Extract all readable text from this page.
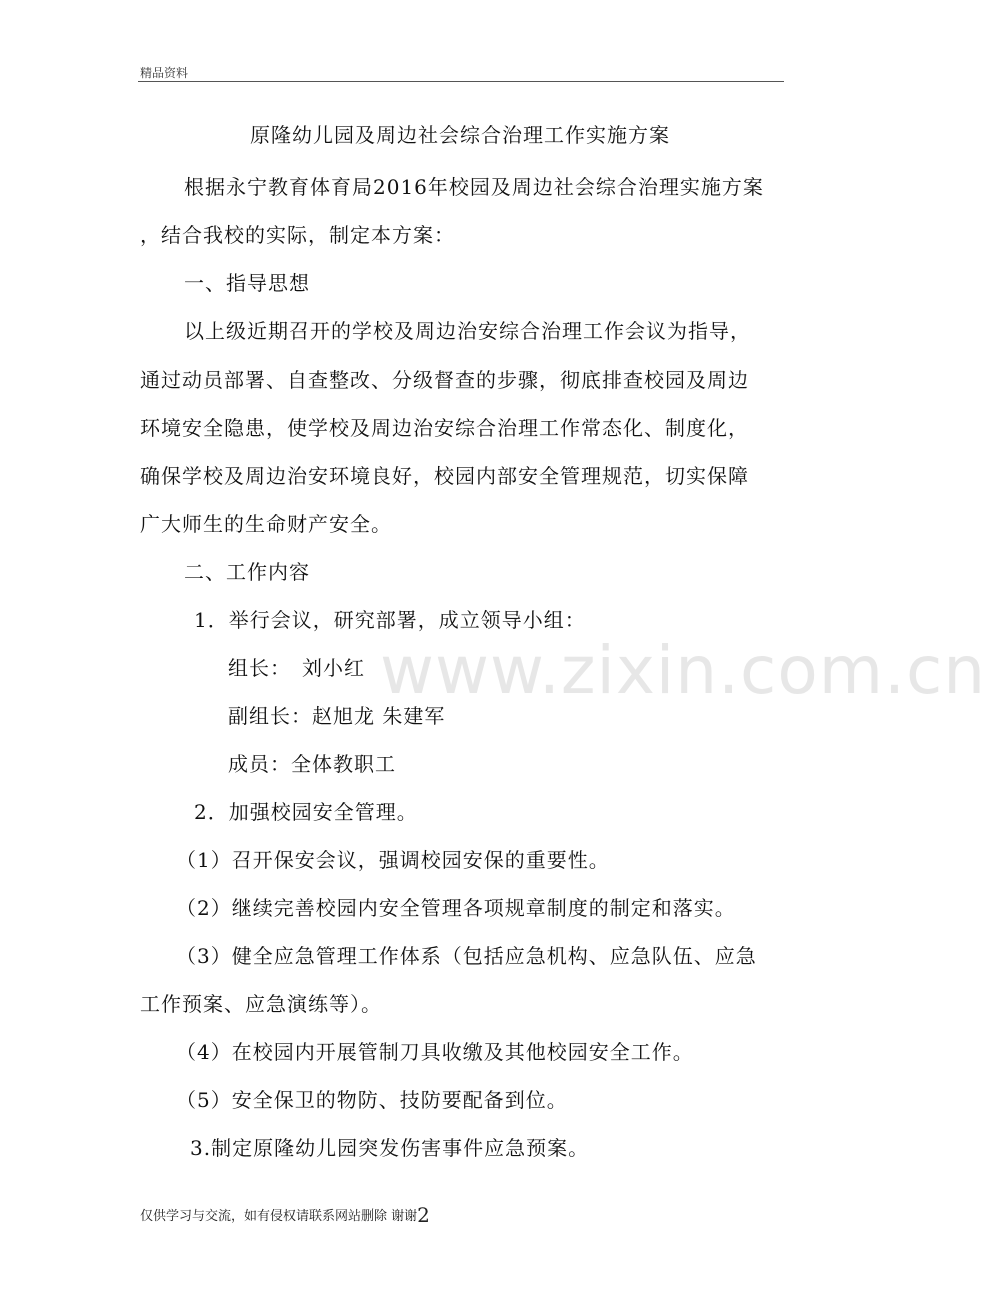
精品资料
原隆幼儿园及周边社会综合治理工作实施方案
根据永宁教育体育局2016年校园及周边社会综合治理实施方案
，结合我校的实际，制定本方案：
一、指导思想
以上级近期召开的学校及周边治安综合治理工作会议为指导，
通过动员部署、自查整改、分级督查的步骤，彻底排查校园及周边
环境安全隐患，使学校及周边治安综合治理工作常态化、制度化，
确保学校及周边治安环境良好，校园内部安全管理规范，切实保障
广大师生的生命财产安全。
二、工作内容
1．举行会议，研究部署，成立领导小组：
组长：　刘小红
副组长：赵旭龙 朱建军
成员：全体教职工
2．加强校园安全管理。
（1）召开保安会议，强调校园安保的重要性。
（2）继续完善校园内安全管理各项规章制度的制定和落实。
（3）健全应急管理工作体系（包括应急机构、应急队伍、应急
工作预案、应急演练等）。
（4）在校园内开展管制刀具收缴及其他校园安全工作。
（5）安全保卫的物防、技防要配备到位。
3.制定原隆幼儿园突发伤害事件应急预案。
www.zixin.com.cn
仅供学习与交流，如有侵权请联系网站删除 谢谢2
